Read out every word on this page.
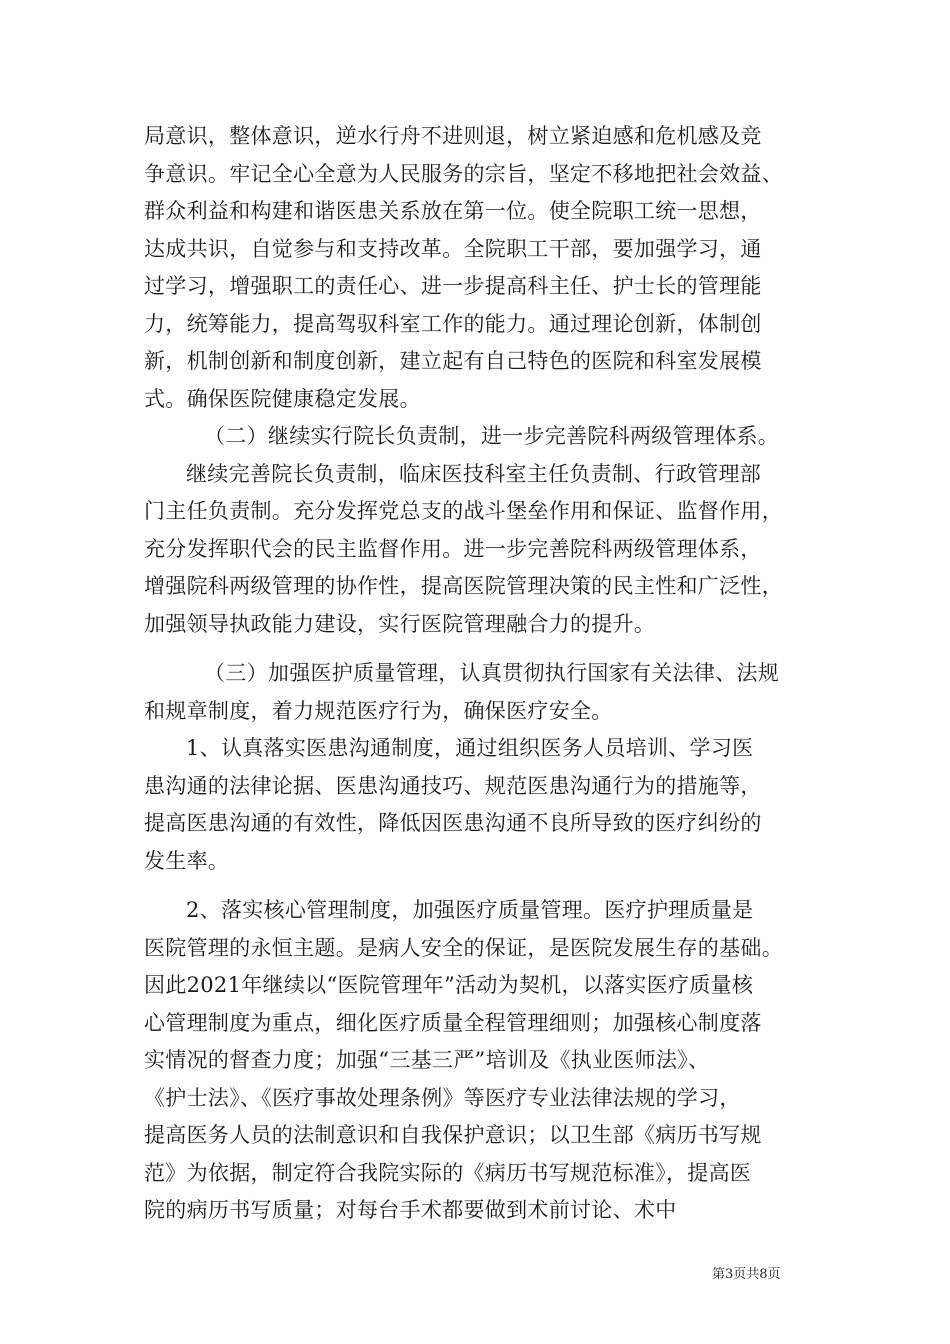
局意识，整体意识，逆水行舟不进则退，树立紧迫感和危机感及竞
争意识。牢记全心全意为人民服务的宗旨，坚定不移地把社会效益、
群众利益和构建和谐医患关系放在第一位。使全院职工统一思想，
达成共识，自觉参与和支持改革。全院职工干部，要加强学习，通
过学习，增强职工的责任心、进一步提高科主任、护士长的管理能
力，统筹能力，提高驾驭科室工作的能力。通过理论创新，体制创
新，机制创新和制度创新，建立起有自己特色的医院和科室发展模
式。确保医院健康稳定发展。
（二）继续实行院长负责制，进一步完善院科两级管理体系。
继续完善院长负责制，临床医技科室主任负责制、行政管理部
门主任负责制。充分发挥党总支的战斗堡垒作用和保证、监督作用，
充分发挥职代会的民主监督作用。进一步完善院科两级管理体系，
增强院科两级管理的协作性，提高医院管理决策的民主性和广泛性，
加强领导执政能力建设，实行医院管理融合力的提升。
（三）加强医护质量管理，认真贯彻执行国家有关法律、法规
和规章制度，着力规范医疗行为，确保医疗安全。
1、认真落实医患沟通制度，通过组织医务人员培训、学习医
患沟通的法律论据、医患沟通技巧、规范医患沟通行为的措施等，
提高医患沟通的有效性，降低因医患沟通不良所导致的医疗纠纷的
发生率。
2、落实核心管理制度，加强医疗质量管理。医疗护理质量是
医院管理的永恒主题。是病人安全的保证，是医院发展生存的基础。
因此2021年继续以“医院管理年”活动为契机，以落实医疗质量核
心管理制度为重点，细化医疗质量全程管理细则；加强核心制度落
实情况的督查力度；加强“三基三严”培训及《执业医师法》、
《护士法》、《医疗事故处理条例》等医疗专业法律法规的学习，
提高医务人员的法制意识和自我保护意识；以卫生部《病历书写规
范》为依据，制定符合我院实际的《病历书写规范标准》，提高医
院的病历书写质量；对每台手术都要做到术前讨论、术中
第3页共8页
